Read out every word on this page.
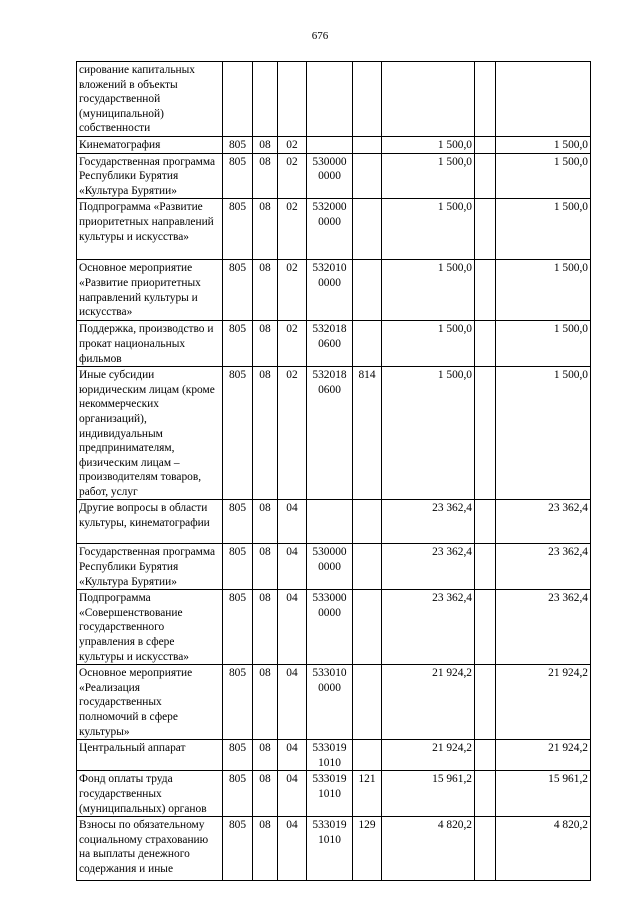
676
сирование капитальных вложений в объекты государственной (муниципальной) собственности								
Кинематография	805	08	02			1 500,0		1 500,0
Государственная программа Республики Бурятия «Культура Бурятии»	805	08	02	530000 0000		1 500,0		1 500,0
Подпрограмма «Развитие приоритетных направлений культуры и искусства»	805	08	02	532000 0000		1 500,0		1 500,0
Основное мероприятие «Развитие приоритетных направлений культуры и искусства»	805	08	02	532010 0000		1 500,0		1 500,0
Поддержка, производство и прокат национальных фильмов	805	08	02	532018 0600		1 500,0		1 500,0
Иные субсидии юридическим лицам (кроме некоммерческих организаций), индивидуальным предпринимателям, физическим лицам – производителям товаров, работ, услуг	805	08	02	532018 0600	814	1 500,0		1 500,0
Другие вопросы в области культуры, кинематографии	805	08	04			23 362,4		23 362,4
Государственная программа Республики Бурятия «Культура Бурятии»	805	08	04	530000 0000		23 362,4		23 362,4
Подпрограмма «Совершенствование государственного управления в сфере культуры и искусства»	805	08	04	533000 0000		23 362,4		23 362,4
Основное мероприятие «Реализация государственных полномочий в сфере культуры»	805	08	04	533010 0000		21 924,2		21 924,2
Центральный аппарат	805	08	04	533019 1010		21 924,2		21 924,2
Фонд оплаты труда государственных (муниципальных) органов	805	08	04	533019 1010	121	15 961,2		15 961,2
Взносы по обязательному социальному страхованию на выплаты денежного содержания и иные	805	08	04	533019 1010	129	4 820,2		4 820,2
